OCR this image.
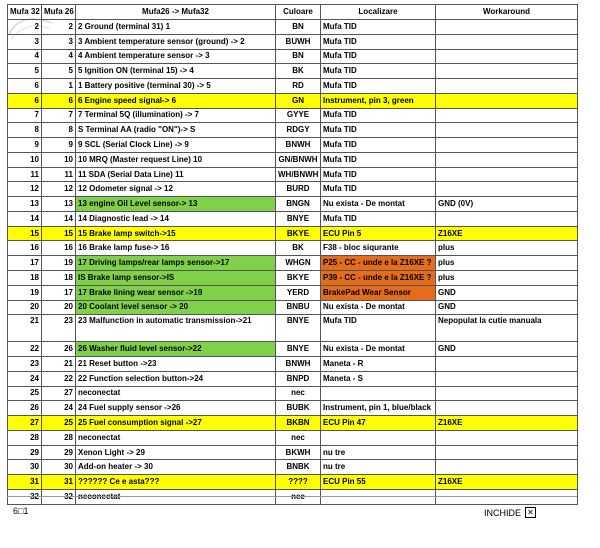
Mufa 32	Mufa 26	Mufa26 -> Mufa32	Culoare	Localizare	Workaround
2	2	2 Ground (terminal 31) 1	BN	Mufa TID	
3	3	3 Ambient temperature sensor (ground) -> 2	BUWH	Mufa TID	
4	4	4 Ambient temperature sensor -> 3	BN	Mufa TID	
5	5	5 Ignition ON (terminal 15) -> 4	BK	Mufa TID	
6	1	1 Battery positive (terminal 30) -> 5	RD	Mufa TID	
6	6	6 Engine speed signal-> 6	GN	Instrument, pin 3, green	
7	7	7 Terminal 5Q (illumination) -> 7	GYYE	Mufa TID	
8	8	S Terminal AA (radio "ON")-> S	RDGY	Mufa TID	
9	9	9 SCL (Serial Clock Line) -> 9	BNWH	Mufa TID	
10	10	10 MRQ (Master request Line) 10	GN/BNWH	Mufa TID	
11	11	11 SDA (Serial Data Line) 11	WH/BNWH	Mufa TID	
12	12	12 Odometer signal -> 12	BURD	Mufa TID	
13	13	13 engine Oil Level sensor-> 13	BNGN	Nu exista - De montat	GND (0V)
14	14	14 Diagnostic lead -> 14	BNYE	Mufa TID	
15	15	15 Brake lamp switch->15	BKYE	ECU Pin 5	Z16XE
16	16	16 Brake lamp fuse-> 16	BK	F38 - bloc siqurante	plus
17	19	17 Driving lamps/rear lamps sensor->17	WHGN	P25 - CC - unde e la Z16XE ?	plus
18	18	IS Brake lamp sensor->IS	BKYE	P39 - CC - unde e la Z16XE ?	plus
19	17	17 Brake lining wear sensor ->19	YERD	BrakePad Wear Sensor	GND
20	20	20 Coolant level sensor -> 20	BNBU	Nu exista - De montat	GND
21	23	23 Malfunction in automatic transmission->21	BNYE	Mufa TID	Nepopulat la cutie manuala
22	26	26 Washer fluid level sensor->22	BNYE	Nu exista - De montat	GND
23	21	21 Reset button ->23	BNWH	Maneta - R	
24	22	22 Function selection button->24	BNPD	Maneta - S	
25	27	neconectat	nec		
26	24	24 Fuel supply sensor ->26	BUBK	Instrument, pin 1, blue/black	
27	25	25 Fuel consumption signal ->27	BKBN	ECU Pin 47	Z16XE
28	28	neconectat	nec		
29	29	Xenon Light -> 29	BKWH	nu tre	
30	30	Add-on heater -> 30	BNBK	nu tre	
31	31	?????? Ce e asta???	????	ECU Pin 55	Z16XE
32	32	neconectat	nec		
6□1	INCHIDE ✕
